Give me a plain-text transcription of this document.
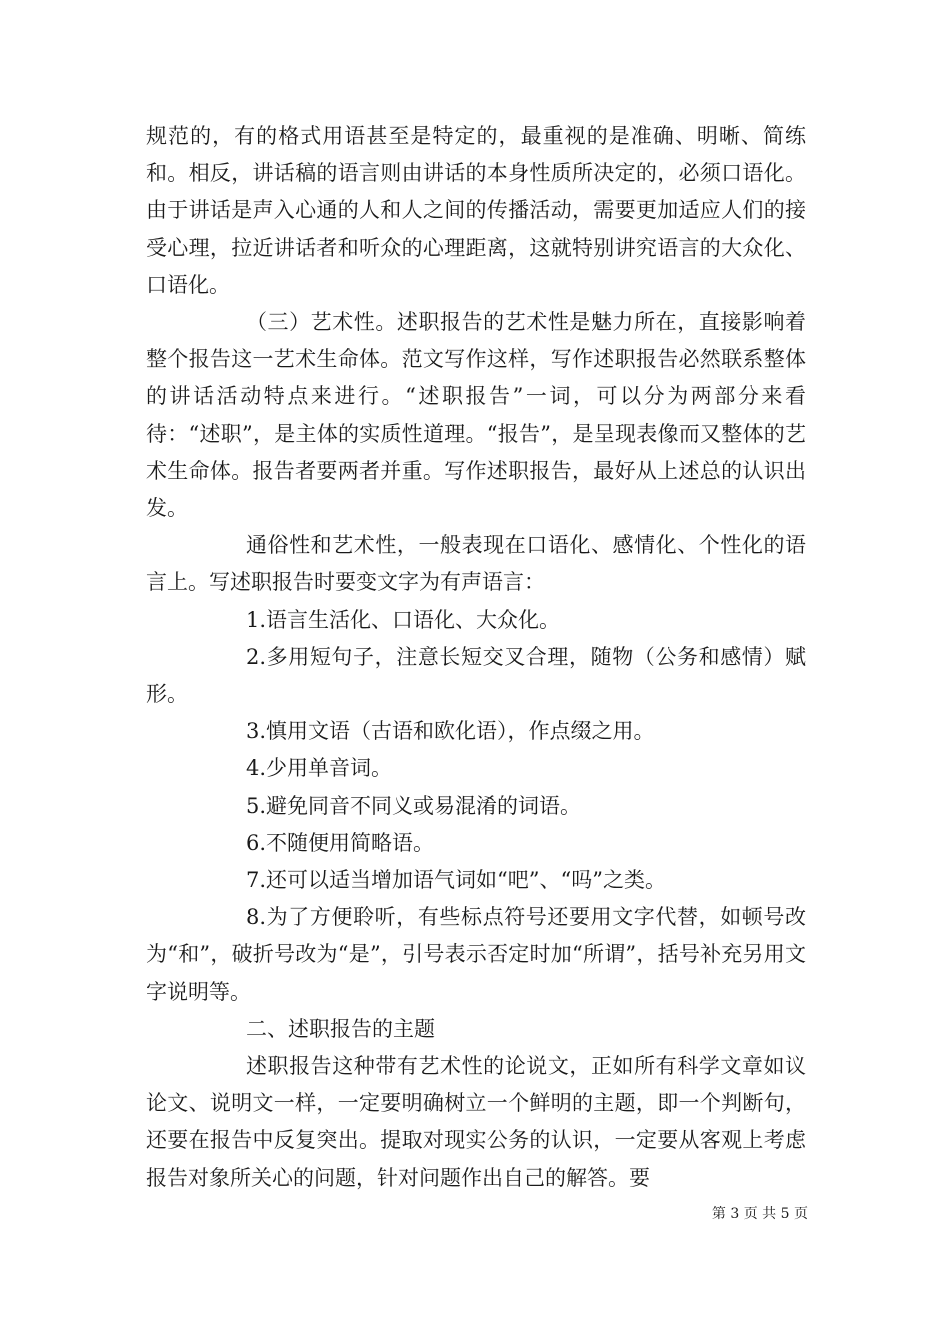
规范的，有的格式用语甚至是特定的，最重视的是准确、明晰、简练和。相反，讲话稿的语言则由讲话的本身性质所决定的，必须口语化。由于讲话是声入心通的人和人之间的传播活动，需要更加适应人们的接受心理，拉近讲话者和听众的心理距离，这就特别讲究语言的大众化、口语化。

（三）艺术性。述职报告的艺术性是魅力所在，直接影响着整个报告这一艺术生命体。范文写作这样，写作述职报告必然联系整体的讲话活动特点来进行。“述职报告”一词，可以分为两部分来看待：“述职”，是主体的实质性道理。“报告”，是呈现表像而又整体的艺术生命体。报告者要两者并重。写作述职报告，最好从上述总的认识出发。

通俗性和艺术性，一般表现在口语化、感情化、个性化的语言上。写述职报告时要变文字为有声语言：

1.语言生活化、口语化、大众化。

2.多用短句子，注意长短交叉合理，随物（公务和感情）赋形。

3.慎用文语（古语和欧化语），作点缀之用。

4.少用单音词。

5.避免同音不同义或易混淆的词语。

6.不随便用简略语。

7.还可以适当增加语气词如“吧”、“吗”之类。

8.为了方便聆听，有些标点符号还要用文字代替，如顿号改为“和”，破折号改为“是”，引号表示否定时加“所谓”，括号补充另用文字说明等。

二、述职报告的主题

述职报告这种带有艺术性的论说文，正如所有科学文章如议论文、说明文一样，一定要明确树立一个鲜明的主题，即一个判断句，还要在报告中反复突出。提取对现实公务的认识，一定要从客观上考虑报告对象所关心的问题，针对问题作出自己的解答。要

第 3 页 共 5 页
